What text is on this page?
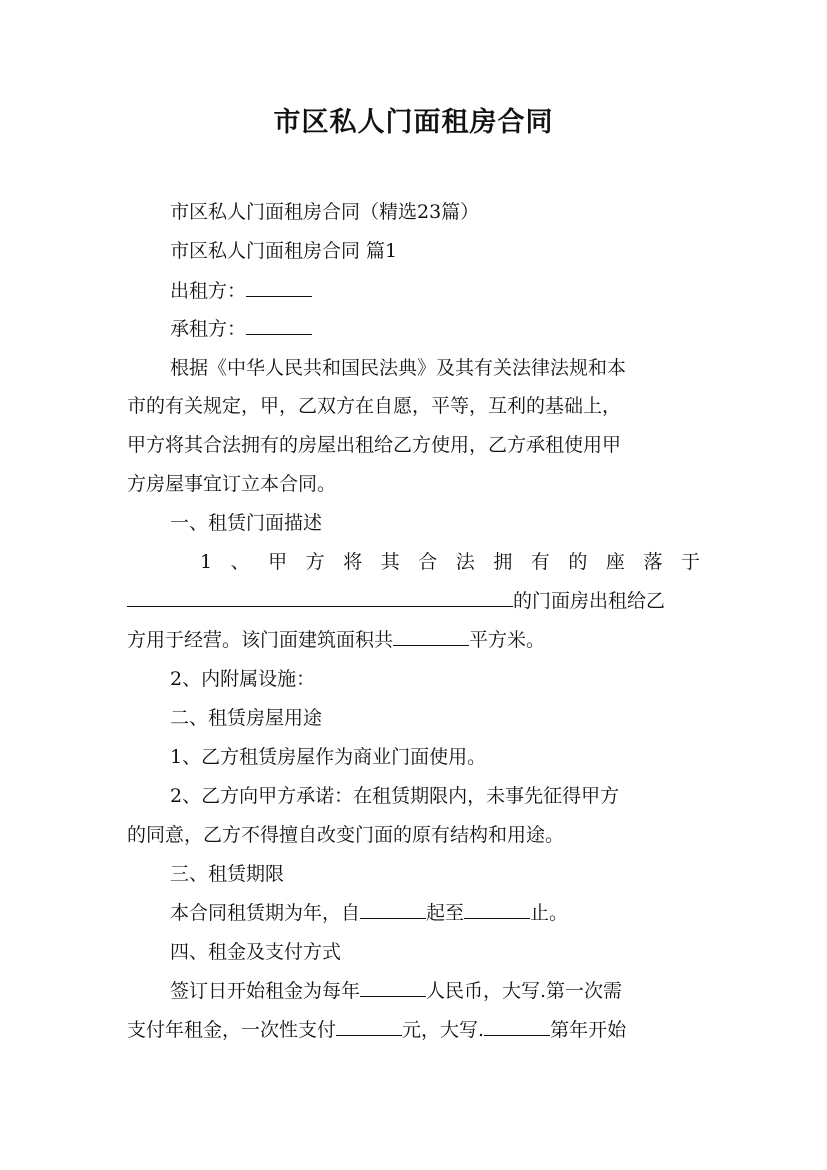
市区私人门面租房合同
市区私人门面租房合同（精选23篇）
市区私人门面租房合同 篇1
出租方：
承租方：
根据《中华人民共和国民法典》及其有关法律法规和本
市的有关规定，甲，乙双方在自愿，平等，互利的基础上，
甲方将其合法拥有的房屋出租给乙方使用，乙方承租使用甲
方房屋事宜订立本合同。
一、租赁门面描述
1 、 甲 方 将 其 合 法 拥 有 的 座 落 于
的门面房出租给乙
方用于经营。该门面建筑面积共	平方米。
2、内附属设施：
二、租赁房屋用途
1、乙方租赁房屋作为商业门面使用。
2、乙方向甲方承诺：在租赁期限内，未事先征得甲方
的同意，乙方不得擅自改变门面的原有结构和用途。
三、租赁期限
本合同租赁期为年，自	起至	止。
四、租金及支付方式
签订日开始租金为每年	人民币，大写.第一次需
支付年租金，一次性支付	元，大写.	第年开始
